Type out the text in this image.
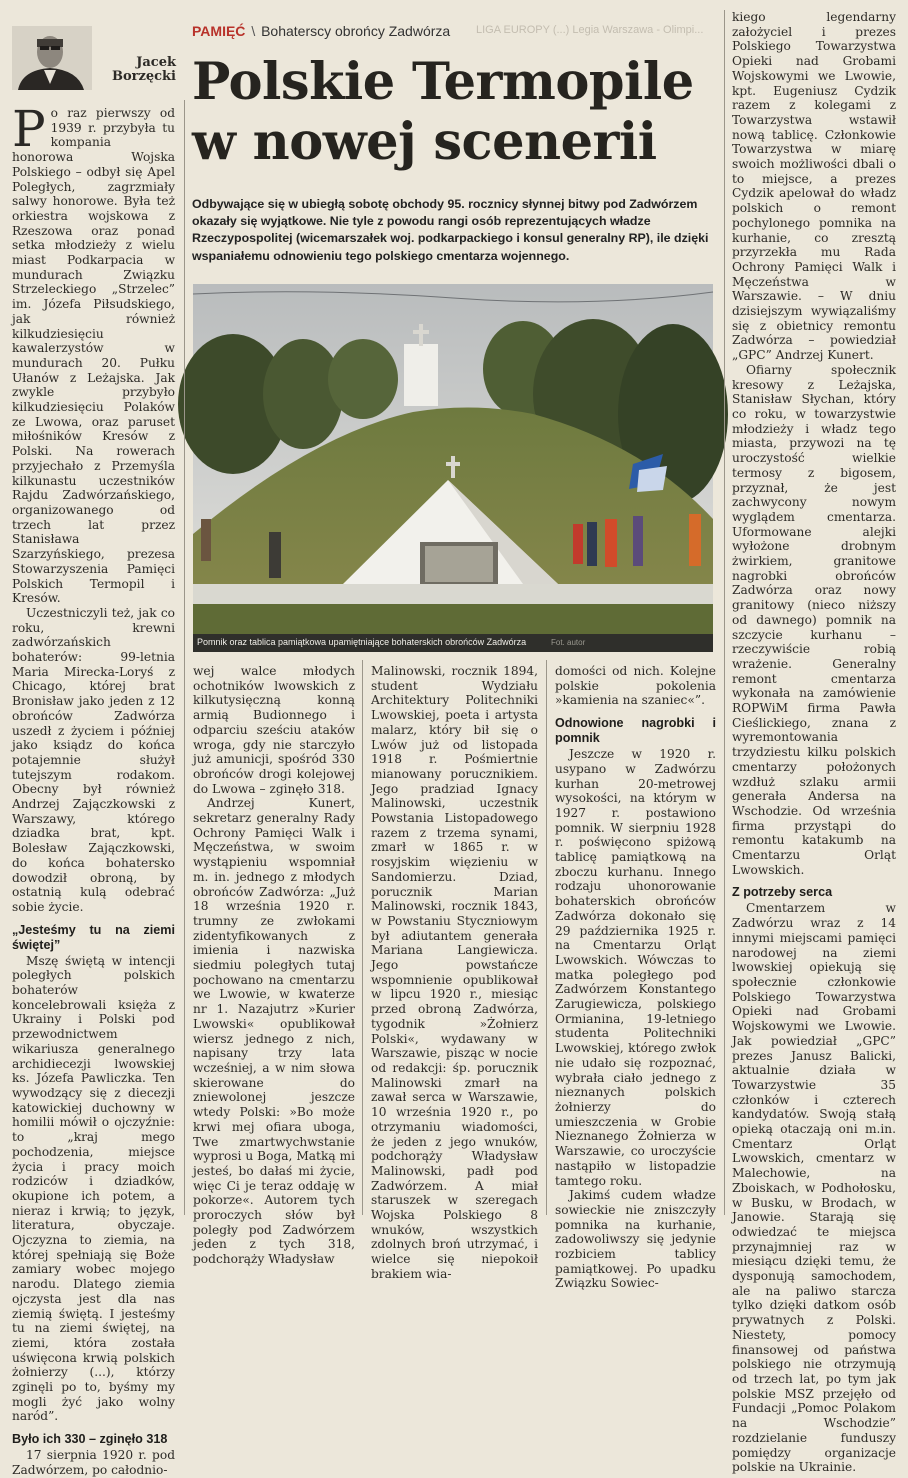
Jacek
Borzęcki
PAMIĘĆ \ Bohaterscy obrońcy Zadwórza LIGA EUROPY (...) Legia Warszawa - Olimpi...
Polskie Termopile
w nowej scenerii
Odbywające się w ubiegłą sobotę obchody 95. rocznicy słynnej bitwy pod Zadwórzem okazały się wyjątkowe. Nie tyle z powodu rangi osób reprezentujących władze Rzeczypospolitej (wicemarszałek woj. podkarpackiego i konsul generalny RP), ile dzięki wspaniałemu odnowieniu tego polskiego cmentarza wojennego.
Pomnik oraz tablica pamiątkowa upamiętniające bohaterskich obrońców Zadwórza	Fot. autor

Po raz pierwszy od 1939 r. przybyła tu kompania honorowa Wojska Polskiego – odbył się Apel Poległych, zagrzmiały salwy honorowe. Była też orkiestra wojskowa z Rzeszowa oraz ponad setka młodzieży z wielu miast Podkarpacia w mundurach Związku Strzeleckiego „Strzelec” im. Józefa Piłsudskiego, jak również kilkudziesięciu kawalerzystów w mundurach 20. Pułku Ułanów z Leżajska. Jak zwykle przybyło kilkudziesięciu Polaków ze Lwowa, oraz paruset miłośników Kresów z Polski. Na rowerach przyjechało z Przemyśla kilkunastu uczestników Rajdu Zadwórzańskiego, organizowanego od trzech lat przez Stanisława Szarzyńskiego, prezesa Stowarzyszenia Pamięci Polskich Termopil i Kresów.

Uczestniczyli też, jak co roku, krewni zadwórzańskich bohaterów: 99-letnia Maria Mirecka-Loryś z Chicago, której brat Bronisław jako jeden z 12 obrońców Zadwórza uszedł z życiem i później jako ksiądz do końca potajemnie służył tutejszym rodakom. Obecny był również Andrzej Zajączkowski z Warszawy, którego dziadka brat, kpt. Bolesław Zajączkowski, do końca bohatersko dowodził obroną, by ostatnią kulą odebrać sobie życie.

„Jesteśmy tu na ziemi świętej”

Mszę świętą w intencji poległych polskich bohaterów koncelebrowali księża z Ukrainy i Polski pod przewodnictwem wikariusza generalnego archidiecezji lwowskiej ks. Józefa Pawliczka. Ten wywodzący się z diecezji katowickiej duchowny w homilii mówił o ojczyźnie: to „kraj mego pochodzenia, miejsce życia i pracy moich rodziców i dziadków, okupione ich potem, a nieraz i krwią; to język, literatura, obyczaje. Ojczyzna to ziemia, na której spełniają się Boże zamiary wobec mojego narodu. Dlatego ziemia ojczysta jest dla nas ziemią świętą. I jesteśmy tu na ziemi świętej, na ziemi, która została uświęcona krwią polskich żołnierzy (...), którzy zginęli po to, byśmy my mogli żyć jako wolny naród”.

Było ich 330 – zginęło 318

17 sierpnia 1920 r. pod Zadwórzem, po całodnio-

wej walce młodych ochotników lwowskich z kilkutysięczną konną armią Budionnego i odparciu sześciu ataków wroga, gdy nie starczyło już amunicji, spośród 330 obrońców drogi kolejowej do Lwowa – zginęło 318.

Andrzej Kunert, sekretarz generalny Rady Ochrony Pamięci Walk i Męczeństwa, w swoim wystąpieniu wspomniał m. in. jednego z młodych obrońców Zadwórza: „Już 18 września 1920 r. trumny ze zwłokami zidentyfikowanych z imienia i nazwiska siedmiu poległych tutaj pochowano na cmentarzu we Lwowie, w kwaterze nr 1. Nazajutrz »Kurier Lwowski« opublikował wiersz jednego z nich, napisany trzy lata wcześniej, a w nim słowa skierowane do zniewolonej jeszcze wtedy Polski: »Bo może krwi mej ofiara uboga, Twe zmartwychwstanie wyprosi u Boga, Matką mi jesteś, bo dałaś mi życie, więc Ci je teraz oddaję w pokorze«. Autorem tych proroczych słów był poległy pod Zadwórzem jeden z tych 318, podchorąży Władysław

Malinowski, rocznik 1894, student Wydziału Architektury Politechniki Lwowskiej, poeta i artysta malarz, który bił się o Lwów już od listopada 1918 r. Pośmiertnie mianowany porucznikiem. Jego pradziad Ignacy Malinowski, uczestnik Powstania Listopadowego razem z trzema synami, zmarł w 1865 r. w rosyjskim więzieniu w Sandomierzu. Dziad, porucznik Marian Malinowski, rocznik 1843, w Powstaniu Styczniowym był adiutantem generała Mariana Langiewicza. Jego powstańcze wspomnienie opublikował w lipcu 1920 r., miesiąc przed obroną Zadwórza, tygodnik »Żołnierz Polski«, wydawany w Warszawie, pisząc w nocie od redakcji: śp. porucznik Malinowski zmarł na zawał serca w Warszawie, 10 września 1920 r., po otrzymaniu wiadomości, że jeden z jego wnuków, podchorąży Władysław Malinowski, padł pod Zadwórzem. A miał staruszek w szeregach Wojska Polskiego 8 wnuków, wszystkich zdolnych broń utrzymać, i wielce się niepokoił brakiem wia-

domości od nich. Kolejne polskie pokolenia »kamienia na szaniec«”.

Odnowione nagrobki i pomnik

Jeszcze w 1920 r. usypano w Zadwórzu kurhan 20-metrowej wysokości, na którym w 1927 r. postawiono pomnik. W sierpniu 1928 r. poświęcono spiżową tablicę pamiątkową na zboczu kurhanu. Innego rodzaju uhonorowanie bohaterskich obrońców Zadwórza dokonało się 29 października 1925 r. na Cmentarzu Orląt Lwowskich. Wówczas to matka poległego pod Zadwórzem Konstantego Zarugiewicza, polskiego Ormianina, 19-letniego studenta Politechniki Lwowskiej, którego zwłok nie udało się rozpoznać, wybrała ciało jednego z nieznanych polskich żołnierzy do umieszczenia w Grobie Nieznanego Żołnierza w Warszawie, co uroczyście nastąpiło w listopadzie tamtego roku.

Jakimś cudem władze sowieckie nie zniszczyły pomnika na kurhanie, zadowoliwszy się jedynie rozbiciem tablicy pamiątkowej. Po upadku Związku Sowiec-

kiego legendarny założyciel i prezes Polskiego Towarzystwa Opieki nad Grobami Wojskowymi we Lwowie, kpt. Eugeniusz Cydzik razem z kolegami z Towarzystwa wstawił nową tablicę. Członkowie Towarzystwa w miarę swoich możliwości dbali o to miejsce, a prezes Cydzik apelował do władz polskich o remont pochylonego pomnika na kurhanie, co zresztą przyrzekła mu Rada Ochrony Pamięci Walk i Męczeństwa w Warszawie. – W dniu dzisiejszym wywiązaliśmy się z obietnicy remontu Zadwórza – powiedział „GPC” Andrzej Kunert.

Ofiarny społecznik kresowy z Leżajska, Stanisław Słychan, który co roku, w towarzystwie młodzieży i władz tego miasta, przywozi na tę uroczystość wielkie termosy z bigosem, przyznał, że jest zachwycony nowym wyglądem cmentarza. Uformowane alejki wyłożone drobnym żwirkiem, granitowe nagrobki obrońców Zadwórza oraz nowy granitowy (nieco niższy od dawnego) pomnik na szczycie kurhanu – rzeczywiście robią wrażenie. Generalny remont cmentarza wykonała na zamówienie ROPWiM firma Pawła Cieślickiego, znana z wyremontowania trzydziestu kilku polskich cmentarzy położonych wzdłuż szlaku armii generała Andersa na Wschodzie. Od września firma przystąpi do remontu katakumb na Cmentarzu Orląt Lwowskich.

Z potrzeby serca

Cmentarzem w Zadwórzu wraz z 14 innymi miejscami pamięci narodowej na ziemi lwowskiej opiekują się społecznie członkowie Polskiego Towarzystwa Opieki nad Grobami Wojskowymi we Lwowie. Jak powiedział „GPC” prezes Janusz Balicki, aktualnie działa w Towarzystwie 35 członków i czterech kandydatów. Swoją stałą opieką otaczają oni m.in. Cmentarz Orląt Lwowskich, cmentarz w Malechowie, na Zboiskach, w Podhołosku, w Busku, w Brodach, w Janowie. Starają się odwiedzać te miejsca przynajmniej raz w miesiącu dzięki temu, że dysponują samochodem, ale na paliwo starcza tylko dzięki datkom osób prywatnych z Polski. Niestety, pomocy finansowej od państwa polskiego nie otrzymują od trzech lat, po tym jak polskie MSZ przejęło od Fundacji „Pomoc Polakom na Wschodzie” rozdzielanie funduszy pomiędzy organizacje polskie na Ukrainie.
